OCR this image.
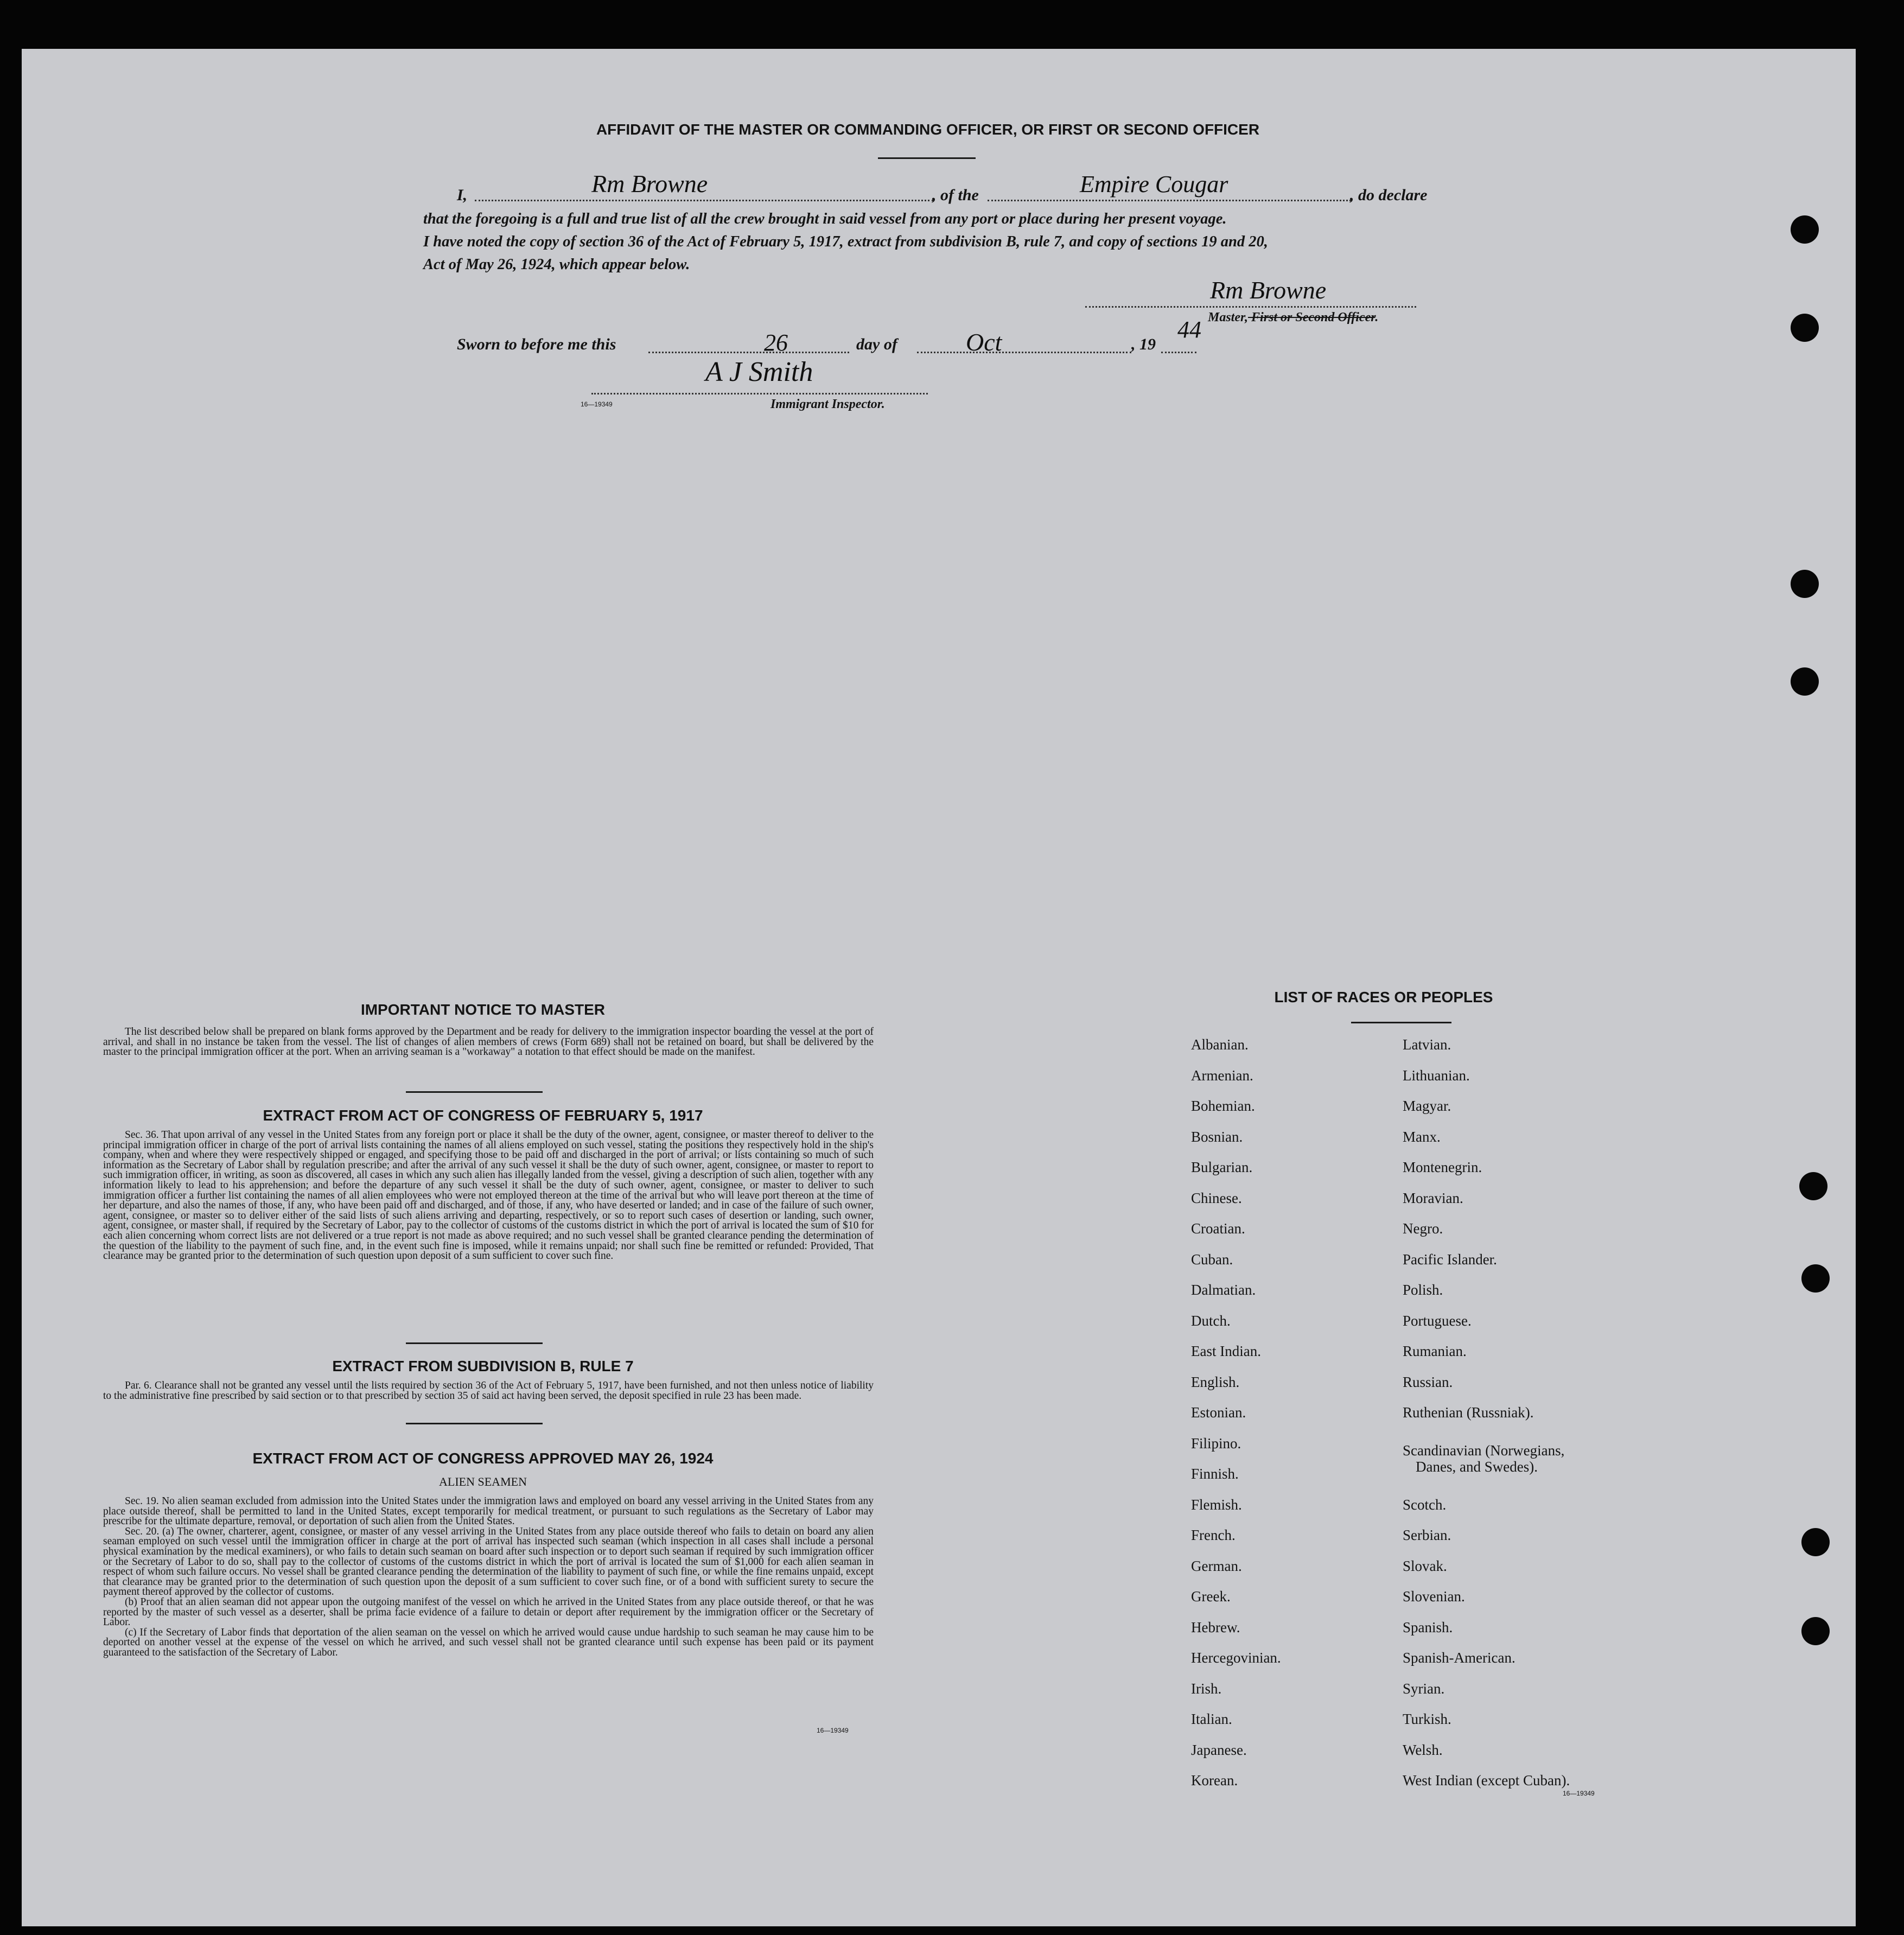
AFFIDAVIT OF THE MASTER OR COMMANDING OFFICER, OR FIRST OR SECOND OFFICER
I,	Rm Browne	, of the	Empire Cougar	, do declare
that the foregoing is a full and true list of all the crew brought in said vessel from any port or place during her present voyage.
I have noted the copy of section 36 of the Act of February 5, 1917, extract from subdivision B, rule 7, and copy of sections 19 and 20,
Act of May 26, 1924, which appear below.
Rm Browne
Master, First or Second Officer.
Sworn to before me this	26	day of	Oct	, 19
44
A J Smith
16—19349	Immigrant Inspector.
IMPORTANT NOTICE TO MASTER

The list described below shall be prepared on blank forms approved by the Department and be ready for delivery to the immigration inspector boarding the vessel at the port of arrival, and shall in no instance be taken from the vessel. The list of changes of alien members of crews (Form 689) shall not be retained on board, but shall be delivered by the master to the principal immigration officer at the port. When an arriving seaman is a "workaway" a notation to that effect should be made on the manifest.

EXTRACT FROM ACT OF CONGRESS OF FEBRUARY 5, 1917

Sec. 36. That upon arrival of any vessel in the United States from any foreign port or place it shall be the duty of the owner, agent, consignee, or master thereof to deliver to the principal immigration officer in charge of the port of arrival lists containing the names of all aliens employed on such vessel, stating the positions they respectively hold in the ship's company, when and where they were respectively shipped or engaged, and specifying those to be paid off and discharged in the port of arrival; or lists containing so much of such information as the Secretary of Labor shall by regulation prescribe; and after the arrival of any such vessel it shall be the duty of such owner, agent, consignee, or master to report to such immigration officer, in writing, as soon as discovered, all cases in which any such alien has illegally landed from the vessel, giving a description of such alien, together with any information likely to lead to his apprehension; and before the departure of any such vessel it shall be the duty of such owner, agent, consignee, or master to deliver to such immigration officer a further list containing the names of all alien employees who were not employed thereon at the time of the arrival but who will leave port thereon at the time of her departure, and also the names of those, if any, who have been paid off and discharged, and of those, if any, who have deserted or landed; and in case of the failure of such owner, agent, consignee, or master so to deliver either of the said lists of such aliens arriving and departing, respectively, or so to report such cases of desertion or landing, such owner, agent, consignee, or master shall, if required by the Secretary of Labor, pay to the collector of customs of the customs district in which the port of arrival is located the sum of $10 for each alien concerning whom correct lists are not delivered or a true report is not made as above required; and no such vessel shall be granted clearance pending the determination of the question of the liability to the payment of such fine, and, in the event such fine is imposed, while it remains unpaid; nor shall such fine be remitted or refunded: Provided, That clearance may be granted prior to the determination of such question upon deposit of a sum sufficient to cover such fine.

EXTRACT FROM SUBDIVISION B, RULE 7

Par. 6. Clearance shall not be granted any vessel until the lists required by section 36 of the Act of February 5, 1917, have been furnished, and not then unless notice of liability to the administrative fine prescribed by said section or to that prescribed by section 35 of said act having been served, the deposit specified in rule 23 has been made.

EXTRACT FROM ACT OF CONGRESS APPROVED MAY 26, 1924
ALIEN SEAMEN

Sec. 19. No alien seaman excluded from admission into the United States under the immigration laws and employed on board any vessel arriving in the United States from any place outside thereof, shall be permitted to land in the United States, except temporarily for medical treatment, or pursuant to such regulations as the Secretary of Labor may prescribe for the ultimate departure, removal, or deportation of such alien from the United States.

Sec. 20. (a) The owner, charterer, agent, consignee, or master of any vessel arriving in the United States from any place outside thereof who fails to detain on board any alien seaman employed on such vessel until the immigration officer in charge at the port of arrival has inspected such seaman (which inspection in all cases shall include a personal physical examination by the medical examiners), or who fails to detain such seaman on board after such inspection or to deport such seaman if required by such immigration officer or the Secretary of Labor to do so, shall pay to the collector of customs of the customs district in which the port of arrival is located the sum of $1,000 for each alien seaman in respect of whom such failure occurs. No vessel shall be granted clearance pending the determination of the liability to payment of such fine, or while the fine remains unpaid, except that clearance may be granted prior to the determination of such question upon the deposit of a sum sufficient to cover such fine, or of a bond with sufficient surety to secure the payment thereof approved by the collector of customs.

(b) Proof that an alien seaman did not appear upon the outgoing manifest of the vessel on which he arrived in the United States from any place outside thereof, or that he was reported by the master of such vessel as a deserter, shall be prima facie evidence of a failure to detain or deport after requirement by the immigration officer or the Secretary of Labor.

(c) If the Secretary of Labor finds that deportation of the alien seaman on the vessel on which he arrived would cause undue hardship to such seaman he may cause him to be deported on another vessel at the expense of the vessel on which he arrived, and such vessel shall not be granted clearance until such expense has been paid or its payment guaranteed to the satisfaction of the Secretary of Labor.

16—19349
LIST OF RACES OR PEOPLES
Albanian.
Armenian.
Bohemian.
Bosnian.
Bulgarian.
Chinese.
Croatian.
Cuban.
Dalmatian.
Dutch.
East Indian.
English.
Estonian.
Filipino.
Finnish.
Flemish.
French.
German.
Greek.
Hebrew.
Hercegovinian.
Irish.
Italian.
Japanese.
Korean.
Latvian.
Lithuanian.
Magyar.
Manx.
Montenegrin.
Moravian.
Negro.
Pacific Islander.
Polish.
Portuguese.
Rumanian.
Russian.
Ruthenian (Russniak).
Scandinavian (Norwegians,
Danes, and Swedes).
Scotch.
Serbian.
Slovak.
Slovenian.
Spanish.
Spanish-American.
Syrian.
Turkish.
Welsh.
West Indian (except Cuban).
16—19349
